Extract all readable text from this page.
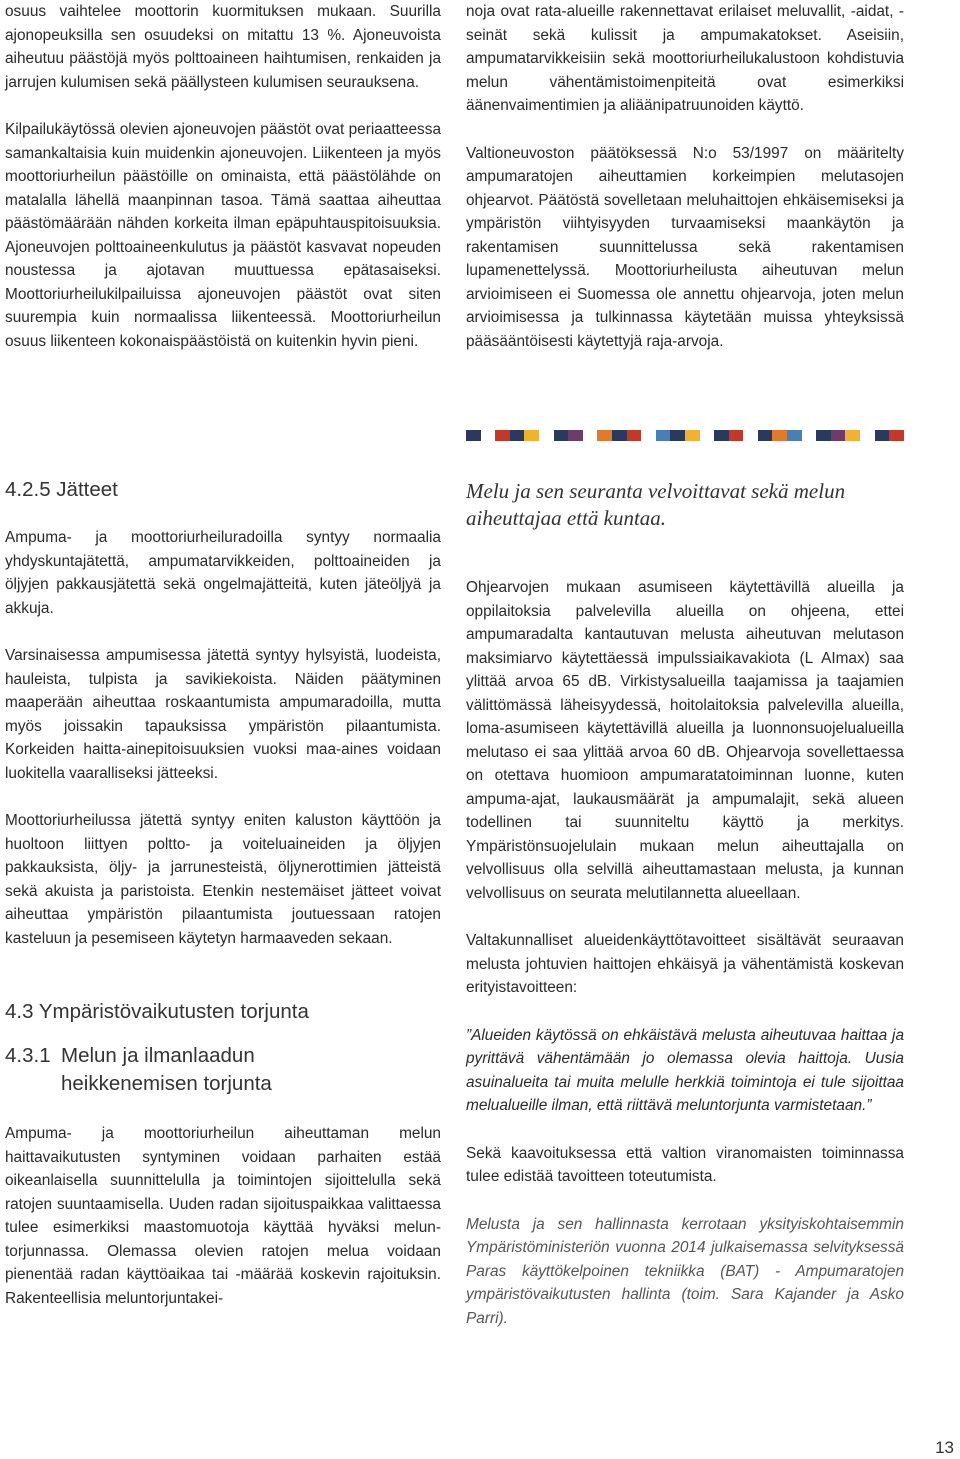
osuus vaihtelee moottorin kuormituksen mukaan. Suurilla ajonopeuksilla sen osuudeksi on mitattu 13 %. Ajoneuvoista aiheutuu päästöjä myös polttoaineen haihtumisen, renkaiden ja jarrujen kulumisen sekä päällysteen kulumisen seurauksena.

Kilpailukäytössä olevien ajoneuvojen päästöt ovat periaatteessa samankaltaisia kuin muidenkin ajoneuvojen. Liikenteen ja myös moottoriurheilun päästöille on ominaista, että päästölähde on matalalla lähellä maanpinnan tasoa. Tämä saattaa aiheuttaa päästömäärään nähden korkeita ilman epäpuhtauspitoisuuksia. Ajoneuvojen polttoaineenkulutus ja päästöt kasvavat nopeuden noustessa ja ajotavan muuttuessa epätasaiseksi. Moottoriurheilukilpailuissa ajoneuvojen päästöt ovat siten suurempia kuin normaalissa liikenteessä. Moottoriurheilun osuus liikenteen kokonaispäästöistä on kuitenkin hyvin pieni.

noja ovat rata-alueille rakennettavat erilaiset meluvallit, -aidat, -seinät sekä kulissit ja ampumakatokset. Aseisiin, ampumatarvikkeisiin sekä moottoriurheilukalustoon kohdistuvia melun vähentämistoimenpiteitä ovat esimerkiksi äänenvaimentimien ja aliäänipatruunoiden käyttö.

Valtioneuvoston päätöksessä N:o 53/1997 on määritelty ampumaratojen aiheuttamien korkeimpien melutasojen ohjearvot. Päätöstä sovelletaan meluhaittojen ehkäisemiseksi ja ympäristön viihtyisyyden turvaamiseksi maankäytön ja rakentamisen suunnittelussa sekä rakentamisen lupamenettelyssä. Moottoriurheilusta aiheutuvan melun arvioimiseen ei Suomessa ole annettu ohjearvoja, joten melun arvioimisessa ja tulkinnassa käytetään muissa yhteyksissä pääsääntöisesti käytettyjä raja-arvoja.

4.2.5 Jätteet

Ampuma- ja moottoriurheiluradoilla syntyy normaalia yhdyskuntajätettä, ampumatarvikkeiden, polttoaineiden ja öljyjen pakkausjätettä sekä ongelmajätteitä, kuten jäteöljyä ja akkuja.

Varsinaisessa ampumisessa jätettä syntyy hylsyistä, luodeista, hauleista, tulpista ja savikiekoista. Näiden päätyminen maaperään aiheuttaa roskaantumista ampumaradoilla, mutta myös joissakin tapauksissa ympäristön pilaantumista. Korkeiden haitta-ainepitoisuuksien vuoksi maa-aines voidaan luokitella vaaralliseksi jätteeksi.

Moottoriurheilussa jätettä syntyy eniten kaluston käyttöön ja huoltoon liittyen poltto- ja voiteluaineiden ja öljyjen pakkauksista, öljy- ja jarrunesteistä, öljynerottimien jätteistä sekä akuista ja paristoista. Etenkin nestemäiset jätteet voivat aiheuttaa ympäristön pilaantumista joutuessaan ratojen kasteluun ja pesemiseen käytetyn harmaaveden sekaan.

4.3 Ympäristövaikutusten torjunta
4.3.1 Melun ja ilmanlaadun heikkenemisen torjunta

Ampuma- ja moottoriurheilun aiheuttaman melun haittavaikutusten syntyminen voidaan parhaiten estää oikeanlaisella suunnittelulla ja toimintojen sijoittelulla sekä ratojen suuntaamisella. Uuden radan sijoituspaikkaa valittaessa tulee esimerkiksi maastomuotoja käyttää hyväksi meluntorjunnassa. Olemassa olevien ratojen melua voidaan pienentää radan käyttöaikaa tai -määrää koskevin rajoituksin. Rakenteellisia meluntorjuntakei-

Melu ja sen seuranta velvoittavat sekä melun aiheuttajaa että kuntaa.

Ohjearvojen mukaan asumiseen käytettävillä alueilla ja oppilaitoksia palvelevilla alueilla on ohjeena, ettei ampumaradalta kantautuvan melusta aiheutuvan melutason maksimiarvo käytettäessä impulssiaikavakiota (L AImax) saa ylittää arvoa 65 dB. Virkistysalueilla taajamissa ja taajamien välittömässä läheisyydessä, hoitolaitoksia palvelevilla alueilla, loma-asumiseen käytettävillä alueilla ja luonnonsuojelualueilla melutaso ei saa ylittää arvoa 60 dB. Ohjearvoja sovellettaessa on otettava huomioon ampumaratatoiminnan luonne, kuten ampuma-ajat, laukausmäärät ja ampumalajit, sekä alueen todellinen tai suunniteltu käyttö ja merkitys. Ympäristönsuojelulain mukaan melun aiheuttajalla on velvollisuus olla selvillä aiheuttamastaan melusta, ja kunnan velvollisuus on seurata melutilannetta alueellaan.

Valtakunnalliset alueidenkäyttötavoitteet sisältävät seuraavan melusta johtuvien haittojen ehkäisyä ja vähentämistä koskevan erityistavoitteen:

”Alueiden käytössä on ehkäistävä melusta aiheutuvaa haittaa ja pyrittävä vähentämään jo olemassa olevia haittoja. Uusia asuinalueita tai muita melulle herkkiä toimintoja ei tule sijoittaa melualueille ilman, että riittävä meluntorjunta varmistetaan.”

Sekä kaavoituksessa että valtion viranomaisten toiminnassa tulee edistää tavoitteen toteutumista.

Melusta ja sen hallinnasta kerrotaan yksityiskohtaisemmin Ympäristöministeriön vuonna 2014 julkaisemassa selvityksessä Paras käyttökelpoinen tekniikka (BAT) - Ampumaratojen ympäristövaikutusten hallinta (toim. Sara Kajander ja Asko Parri).

13
